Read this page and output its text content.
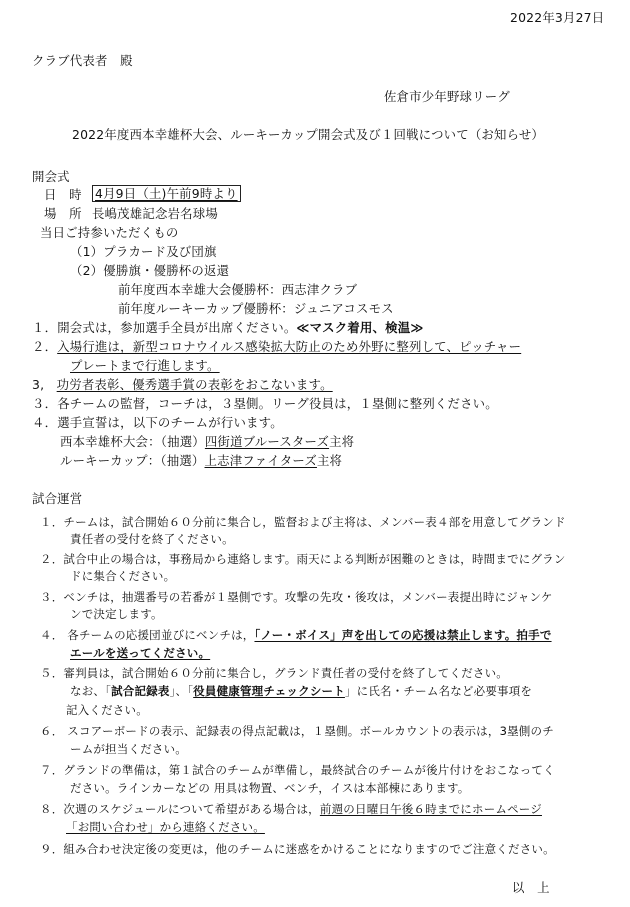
2022年3月27日
クラブ代表者　殿
佐倉市少年野球リーグ
2022年度西本幸雄杯大会、ルーキーカップ開会式及び１回戦について（お知らせ）
開会式
日　時 4月9日（土)午前9時より
場　所 長嶋茂雄記念岩名球場
当日ご持参いただくもの
（1）プラカード及び団旗
（2）優勝旗・優勝杯の返還
前年度西本幸雄大会優勝杯：西志津クラブ
前年度ルーキーカップ優勝杯：ジュニアコスモス
１．開会式は，参加選手全員が出席ください。≪マスク着用、検温≫
２．入場行進は，新型コロナウイルス感染拡大防止のため外野に整列して、ピッチャー
プレートまで行進します。
3, 功労者表彰、優秀選手賞の表彰をおこないます。
３．各チームの監督，コーチは，３塁側。リーグ役員は，１塁側に整列ください。
４．選手宣誓は，以下のチームが行います。
西本幸雄杯大会：（抽選）四街道ブルースターズ主将
ルーキーカップ：（抽選）上志津ファイターズ主将
試合運営
１．チームは，試合開始６０分前に集合し，監督および主将は、メンバー表４部を用意してグランド
責任者の受付を終了ください。
２．試合中止の場合は，事務局から連絡します。雨天による判断が困難のときは，時間までにグラン
ドに集合ください。
３．ベンチは，抽選番号の若番が１塁側です。攻撃の先攻・後攻は，メンバー表提出時にジャンケ
ンで決定します。
４． 各チームの応援団並びにベンチは，「ノー・ボイス」声を出しての応援は禁止します。拍手で
エールを送ってください。
５．審判員は，試合開始６０分前に集合し，グランド責任者の受付を終了してください。
なお、「試合記録表」、「役員健康管理チェックシート」に氏名・チーム名など必要事項を
記入ください。
６． スコアーボードの表示、記録表の得点記載は，１塁側。ボールカウントの表示は，3塁側のチ
ームが担当ください。
７．グランドの準備は，第１試合のチームが準備し，最終試合のチームが後片付けをおこなってく
ださい。ラインカーなどの 用具は物置、ベンチ，イスは本部棟にあります。
８．次週のスケジュールについて希望がある場合は，前週の日曜日午後６時までにホームページ
「お問い合わせ」から連絡ください。
９．組み合わせ決定後の変更は，他のチームに迷惑をかけることになりますのでご注意ください。
以　上
